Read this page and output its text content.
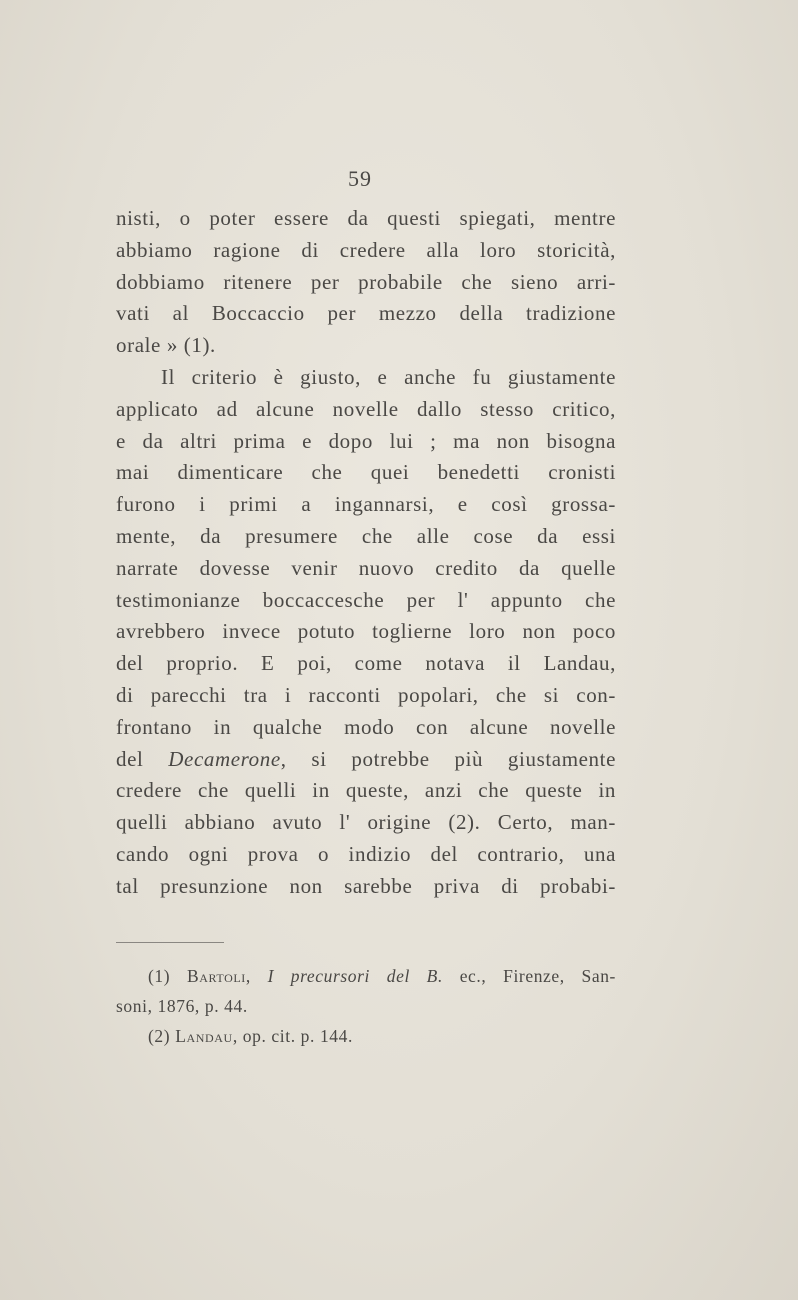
59
nisti, o poter essere da questi spiegati, mentre
abbiamo ragione di credere alla loro storicità,
dobbiamo ritenere per probabile che sieno arri-
vati al Boccaccio per mezzo della tradizione
orale » (1).
Il criterio è giusto, e anche fu giustamente
applicato ad alcune novelle dallo stesso critico,
e da altri prima e dopo lui ; ma non bisogna
mai dimenticare che quei benedetti cronisti
furono i primi a ingannarsi, e così grossa-
mente, da presumere che alle cose da essi
narrate dovesse venir nuovo credito da quelle
testimonianze boccaccesche per l' appunto che
avrebbero invece potuto toglierne loro non poco
del proprio. E poi, come notava il Landau,
di parecchi tra i racconti popolari, che si con-
frontano in qualche modo con alcune novelle
del Decamerone, si potrebbe più giustamente
credere che quelli in queste, anzi che queste in
quelli abbiano avuto l' origine (2). Certo, man-
cando ogni prova o indizio del contrario, una
tal presunzione non sarebbe priva di probabi-
(1) Bartoli, I precursori del B. ec., Firenze, San-
soni, 1876, p. 44.
(2) Landau, op. cit. p. 144.
